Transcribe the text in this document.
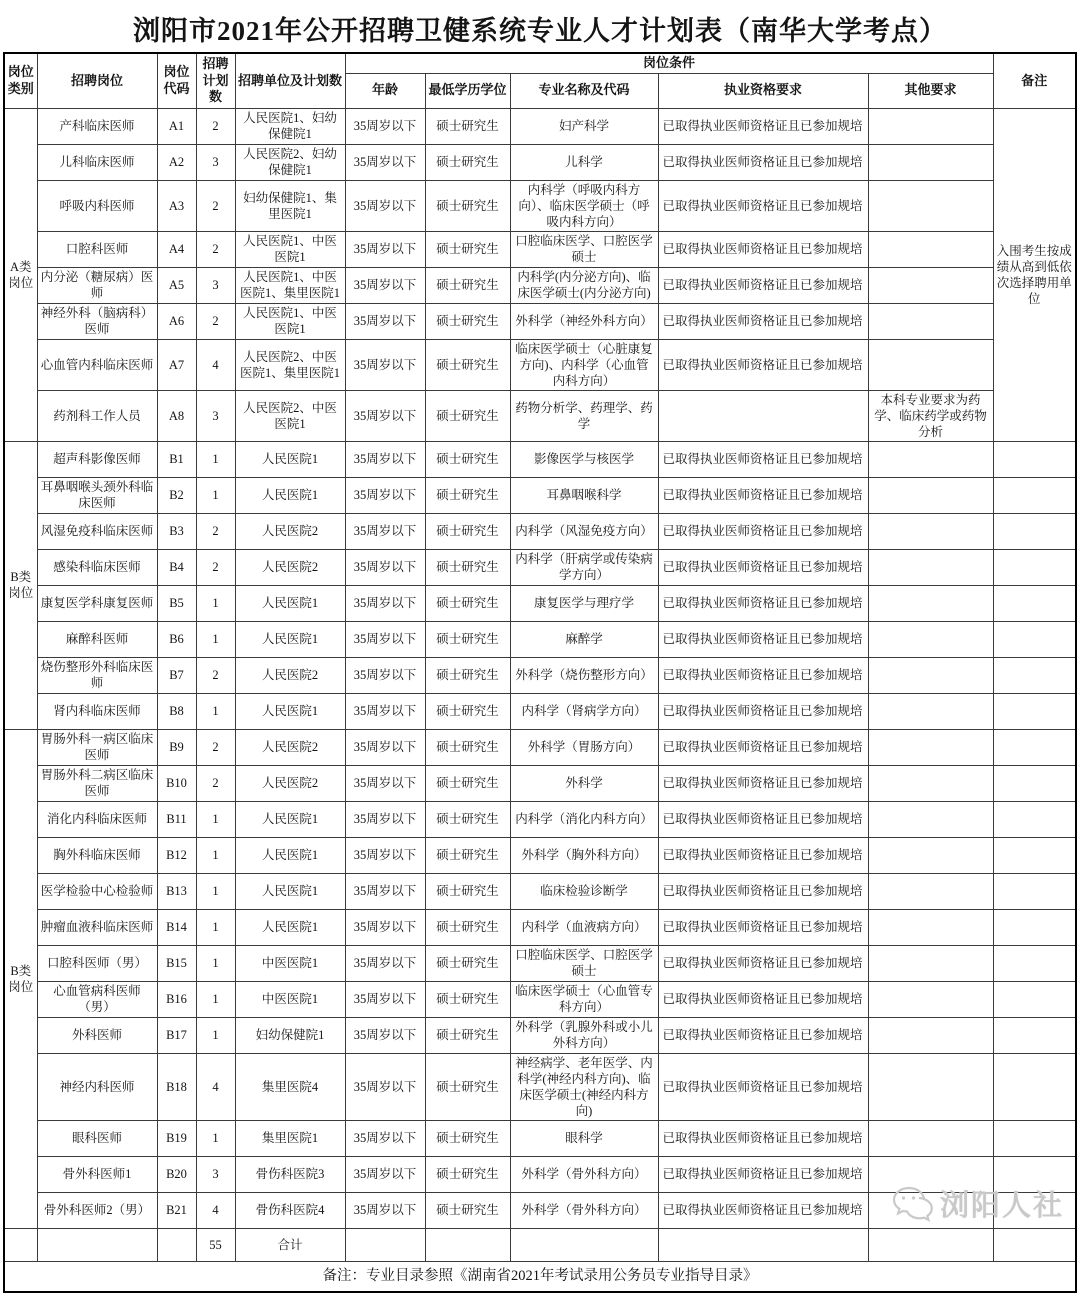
浏阳市2021年公开招聘卫健系统专业人才计划表（南华大学考点）
岗位类别	招聘岗位	岗位代码	招聘计划数	招聘单位及计划数	岗位条件					备注
					年龄	最低学历学位	专业名称及代码	执业资格要求	其他要求	
A类岗位	产科临床医师	A1	2	人民医院1、妇幼保健院1	35周岁以下	硕士研究生	妇产科学	已取得执业医师资格证且已参加规培		入围考生按成绩从高到低依次选择聘用单位
	儿科临床医师	A2	3	人民医院2、妇幼保健院1	35周岁以下	硕士研究生	儿科学	已取得执业医师资格证且已参加规培		
	呼吸内科医师	A3	2	妇幼保健院1、集里医院1	35周岁以下	硕士研究生	内科学（呼吸内科方向）、临床医学硕士（呼吸内科方向）	已取得执业医师资格证且已参加规培		
	口腔科医师	A4	2	人民医院1、中医医院1	35周岁以下	硕士研究生	口腔临床医学、口腔医学硕士	已取得执业医师资格证且已参加规培		
	内分泌（糖尿病）医师	A5	3	人民医院1、中医医院1、集里医院1	35周岁以下	硕士研究生	内科学(内分泌方向)、临床医学硕士(内分泌方向)	已取得执业医师资格证且已参加规培		
	神经外科（脑病科）医师	A6	2	人民医院1、中医医院1	35周岁以下	硕士研究生	外科学（神经外科方向）	已取得执业医师资格证且已参加规培		
	心血管内科临床医师	A7	4	人民医院2、中医医院1、集里医院1	35周岁以下	硕士研究生	临床医学硕士（心脏康复方向)、内科学（心血管内科方向）	已取得执业医师资格证且已参加规培		
	药剂科工作人员	A8	3	人民医院2、中医医院1	35周岁以下	硕士研究生	药物分析学、药理学、药学		本科专业要求为药学、临床药学或药物分析	
B类岗位	超声科影像医师	B1	1	人民医院1	35周岁以下	硕士研究生	影像医学与核医学	已取得执业医师资格证且已参加规培		
	耳鼻咽喉头颈外科临床医师	B2	1	人民医院1	35周岁以下	硕士研究生	耳鼻咽喉科学	已取得执业医师资格证且已参加规培		
	风湿免疫科临床医师	B3	2	人民医院2	35周岁以下	硕士研究生	内科学（风湿免疫方向）	已取得执业医师资格证且已参加规培		
	感染科临床医师	B4	2	人民医院2	35周岁以下	硕士研究生	内科学（肝病学或传染病学方向）	已取得执业医师资格证且已参加规培		
	康复医学科康复医师	B5	1	人民医院1	35周岁以下	硕士研究生	康复医学与理疗学	已取得执业医师资格证且已参加规培		
	麻醉科医师	B6	1	人民医院1	35周岁以下	硕士研究生	麻醉学	已取得执业医师资格证且已参加规培		
	烧伤整形外科临床医师	B7	2	人民医院2	35周岁以下	硕士研究生	外科学（烧伤整形方向）	已取得执业医师资格证且已参加规培		
	肾内科临床医师	B8	1	人民医院1	35周岁以下	硕士研究生	内科学（肾病学方向）	已取得执业医师资格证且已参加规培		
B类岗位	胃肠外科一病区临床医师	B9	2	人民医院2	35周岁以下	硕士研究生	外科学（胃肠方向）	已取得执业医师资格证且已参加规培		
	胃肠外科二病区临床医师	B10	2	人民医院2	35周岁以下	硕士研究生	外科学	已取得执业医师资格证且已参加规培		
	消化内科临床医师	B11	1	人民医院1	35周岁以下	硕士研究生	内科学（消化内科方向）	已取得执业医师资格证且已参加规培		
	胸外科临床医师	B12	1	人民医院1	35周岁以下	硕士研究生	外科学（胸外科方向）	已取得执业医师资格证且已参加规培		
	医学检验中心检验师	B13	1	人民医院1	35周岁以下	硕士研究生	临床检验诊断学	已取得执业医师资格证且已参加规培		
	肿瘤血液科临床医师	B14	1	人民医院1	35周岁以下	硕士研究生	内科学（血液病方向）	已取得执业医师资格证且已参加规培		
	口腔科医师（男）	B15	1	中医医院1	35周岁以下	硕士研究生	口腔临床医学、口腔医学硕士	已取得执业医师资格证且已参加规培		
	心血管病科医师（男）	B16	1	中医医院1	35周岁以下	硕士研究生	临床医学硕士（心血管专科方向）	已取得执业医师资格证且已参加规培		
	外科医师	B17	1	妇幼保健院1	35周岁以下	硕士研究生	外科学（乳腺外科或小儿外科方向）	已取得执业医师资格证且已参加规培		
	神经内科医师	B18	4	集里医院4	35周岁以下	硕士研究生	神经病学、老年医学、内科学(神经内科方向)、临床医学硕士(神经内科方向)	已取得执业医师资格证且已参加规培		
	眼科医师	B19	1	集里医院1	35周岁以下	硕士研究生	眼科学	已取得执业医师资格证且已参加规培		
	骨外科医师1	B20	3	骨伤科医院3	35周岁以下	硕士研究生	外科学（骨外科方向）	已取得执业医师资格证且已参加规培		
	骨外科医师2（男）	B21	4	骨伤科医院4	35周岁以下	硕士研究生	外科学（骨外科方向）	已取得执业医师资格证且已参加规培		
			55	合计						
备注：专业目录参照《湖南省2021年考试录用公务员专业指导目录》										
浏阳人社
